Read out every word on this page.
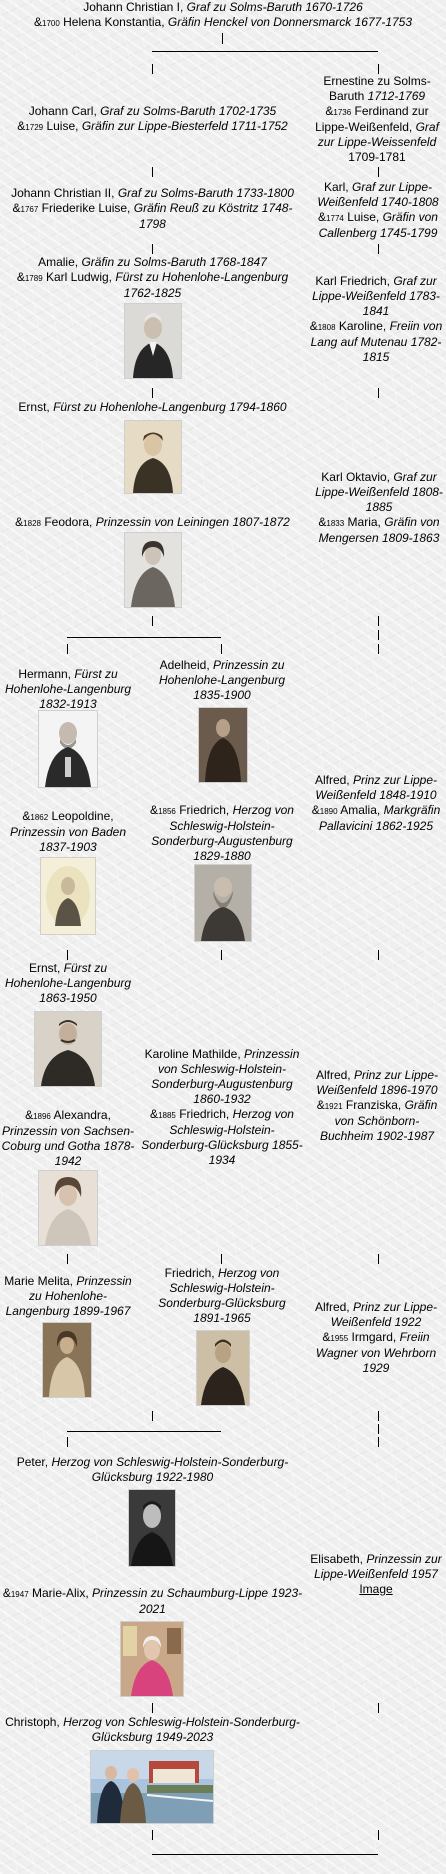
Johann Christian I, Graf zu Solms-Baruth 1670-1726
&1700 Helena Konstantia, Gräfin Henckel von Donnersmarck 1677-1753
Johann Carl, Graf zu Solms-Baruth 1702-1735
&1729 Luise, Gräfin zur Lippe-Biesterfeld 1711-1752
Ernestine zu Solms-Baruth 1712-1769
&1736 Ferdinand zur Lippe-Weißenfeld, Graf zur Lippe-Weissenfeld
1709-1781
Johann Christian II, Graf zu Solms-Baruth 1733-1800
&1767 Friederike Luise, Gräfin Reuß zu Köstritz 1748-1798
Karl, Graf zur Lippe-Weißenfeld 1740-1808
&1774 Luise, Gräfin von Callenberg 1745-1799
Amalie, Gräfin zu Solms-Baruth 1768-1847
&1789 Karl Ludwig, Fürst zu Hohenlohe-Langenburg 1762-1825
Karl Friedrich, Graf zur Lippe-Weißenfeld 1783-1841
&1808 Karoline, Freiin von Lang auf Mutenau 1782-1815
Ernst, Fürst zu Hohenlohe-Langenburg 1794-1860
&1828 Feodora, Prinzessin von Leiningen 1807-1872
Karl Oktavio, Graf zur Lippe-Weißenfeld 1808-1885
&1833 Maria, Gräfin von Mengersen 1809-1863
Hermann, Fürst zu Hohenlohe-Langenburg 1832-1913
Adelheid, Prinzessin zu Hohenlohe-Langenburg 1835-1900
Alfred, Prinz zur Lippe-Weißenfeld 1848-1910
&1890 Amalia, Markgräfin Pallavicini 1862-1925
&1862 Leopoldine, Prinzessin von Baden 1837-1903
&1856 Friedrich, Herzog von Schleswig-Holstein-Sonderburg-Augustenburg 1829-1880
Ernst, Fürst zu Hohenlohe-Langenburg 1863-1950
Karoline Mathilde, Prinzessin von Schleswig-Holstein-Sonderburg-Augustenburg 1860-1932
&1885 Friedrich, Herzog von Schleswig-Holstein-Sonderburg-Glücksburg 1855-1934
Alfred, Prinz zur Lippe-Weißenfeld 1896-1970
&1921 Franziska, Gräfin von Schönborn-Buchheim 1902-1987
&1896 Alexandra, Prinzessin von Sachsen-Coburg und Gotha 1878-1942
Marie Melita, Prinzessin zu Hohenlohe-Langenburg 1899-1967
Friedrich, Herzog von Schleswig-Holstein-Sonderburg-Glücksburg 1891-1965
Alfred, Prinz zur Lippe-Weißenfeld 1922
&1955 Irmgard, Freiin Wagner von Wehrborn 1929
Peter, Herzog von Schleswig-Holstein-Sonderburg-Glücksburg 1922-1980
Elisabeth, Prinzessin zur Lippe-Weißenfeld 1957
Image
&1947 Marie-Alix, Prinzessin zu Schaumburg-Lippe 1923-2021
Christoph, Herzog von Schleswig-Holstein-Sonderburg-Glücksburg 1949-2023
